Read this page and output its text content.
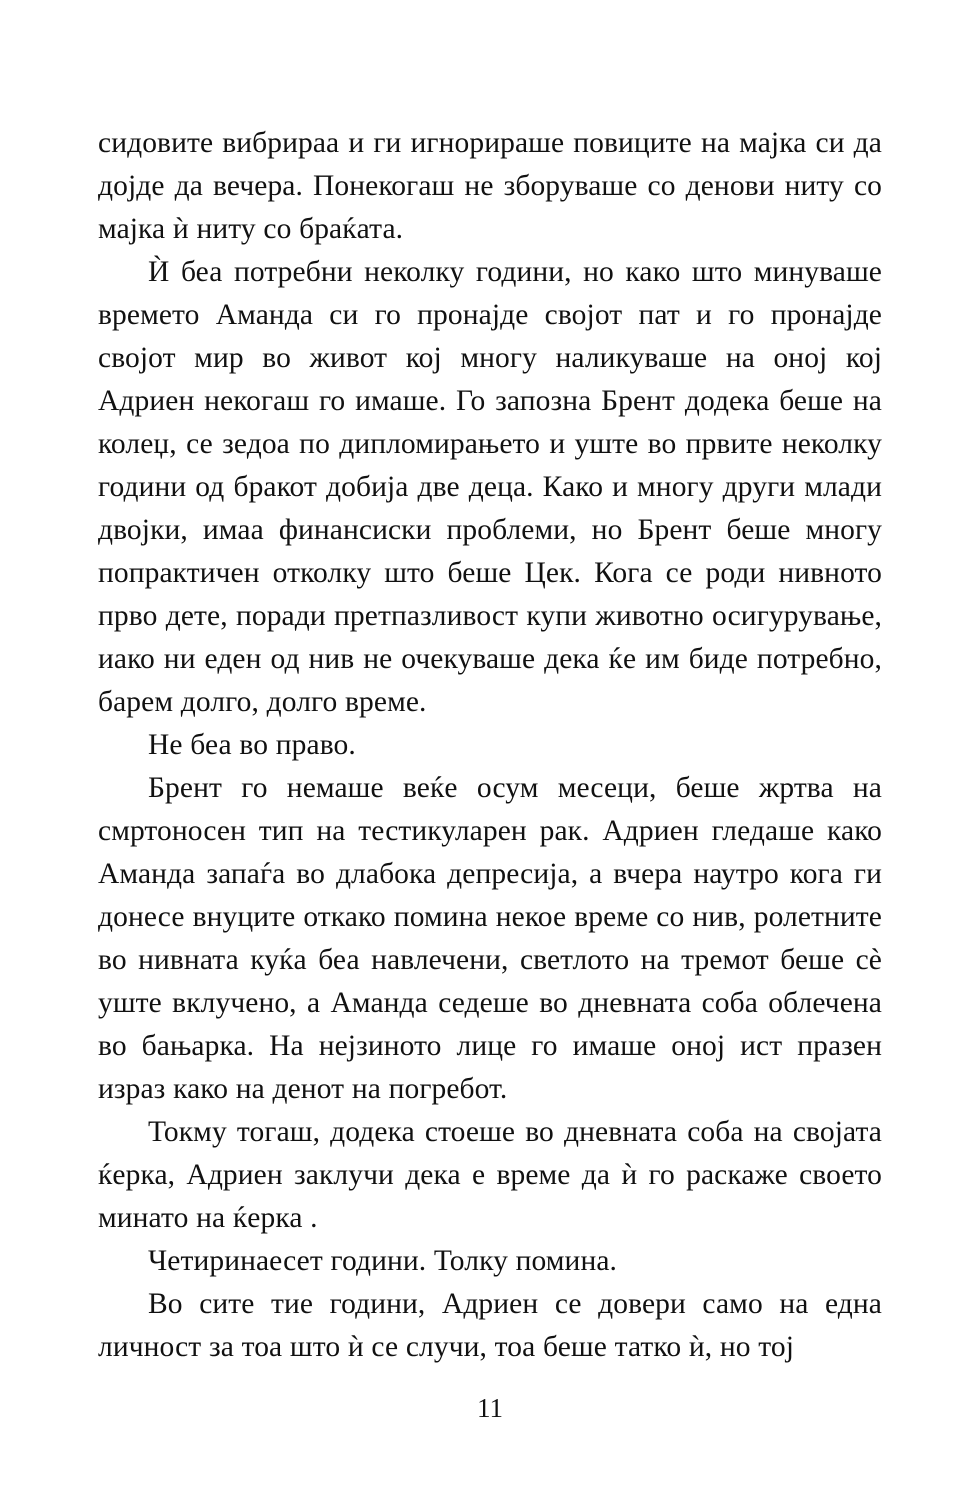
сидовите вибрираа и ги игнорираше повиците на мајка си да дојде да вечера. Понекогаш не зборуваше со денови ниту со мајка ѝ ниту со браќата.

Ѝ беа потребни неколку години, но како што минуваше времето Аманда си го пронајде својот пат и го пронајде својот мир во живот кој многу наликуваше на оној кој Адриен некогаш го имаше. Го запозна Брент додека беше на колеџ, се зедоа по дипломирањето и уште во првите неколку години од бракот добија две деца. Како и многу други млади двојки, имаа финансиски проблеми, но Брент беше многу попрактичен отколку што беше Цек. Кога се роди нивното прво дете, поради претпазливост купи животно осигурување, иако ни еден од нив не очекуваше дека ќе им биде потребно, барем долго, долго време.

Не беа во право.

Брент го немаше веќе осум месеци, беше жртва на смртоносен тип на тестикуларен рак. Адриен гледаше како Аманда запаѓа во длабока депресија, а вчера наутро кога ги донесе внуците откако помина некое време со нив, ролетните во нивната куќа беа навлечени, светлото на тремот беше сѐ уште вклучено, а Аманда седеше во дневната соба облечена во бањарка. На нејзиното лице го имаше оној ист празен израз како на денот на погребот.

Токму тогаш, додека стоеше во дневната соба на својата ќерка, Адриен заклучи дека е време да ѝ го раскаже своето минато на ќерка .

Четиринаесет години. Толку помина.

Во сите тие години, Адриен се довери само на една личност за тоа што ѝ се случи, тоа беше татко ѝ, но тој

11
